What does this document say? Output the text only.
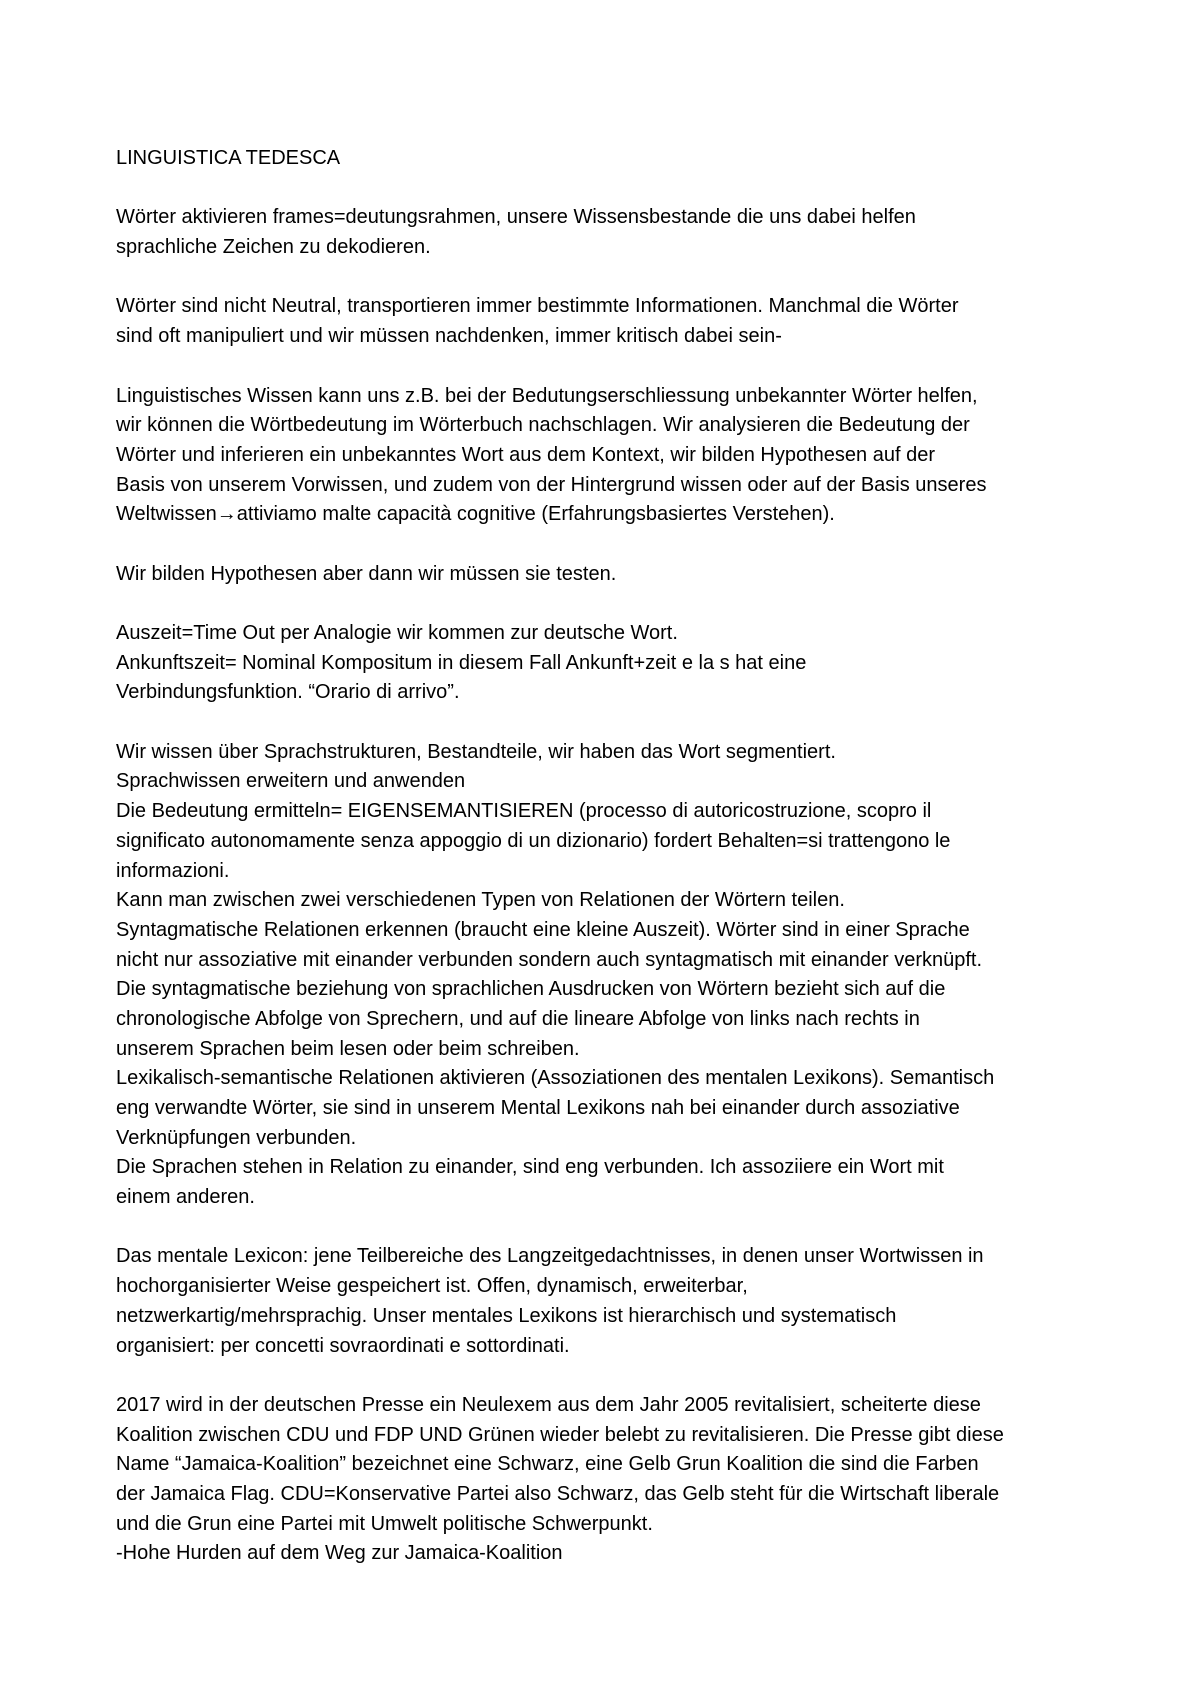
LINGUISTICA TEDESCA
Wörter aktivieren frames=deutungsrahmen, unsere Wissensbestande die uns dabei helfen
sprachliche Zeichen zu dekodieren.
Wörter sind nicht Neutral, transportieren immer bestimmte Informationen. Manchmal die Wörter
sind oft manipuliert und wir müssen nachdenken, immer kritisch dabei sein-
Linguistisches Wissen kann uns z.B. bei der Bedutungserschliessung unbekannter Wörter helfen,
wir können die Wörtbedeutung im Wörterbuch nachschlagen. Wir analysieren die Bedeutung der
Wörter und inferieren ein unbekanntes Wort aus dem Kontext, wir bilden Hypothesen auf der
Basis von unserem Vorwissen, und zudem von der Hintergrund wissen oder auf der Basis unseres
Weltwissen→attiviamo malte capacità cognitive (Erfahrungsbasiertes Verstehen).
Wir bilden Hypothesen aber dann wir müssen sie testen.
Auszeit=Time Out per Analogie wir kommen zur deutsche Wort.
Ankunftszeit= Nominal Kompositum in diesem Fall Ankunft+zeit e la s hat eine
Verbindungsfunktion. “Orario di arrivo”.
Wir wissen über Sprachstrukturen, Bestandteile, wir haben das Wort segmentiert.
Sprachwissen erweitern und anwenden
Die Bedeutung ermitteln= EIGENSEMANTISIEREN (processo di autoricostruzione, scopro il
significato autonomamente senza appoggio di un dizionario) fordert Behalten=si trattengono le
informazioni.
Kann man zwischen zwei verschiedenen Typen von Relationen der Wörtern teilen.
Syntagmatische Relationen erkennen (braucht eine kleine Auszeit). Wörter sind in einer Sprache
nicht nur assoziative mit einander verbunden sondern auch syntagmatisch mit einander verknüpft.
Die syntagmatische beziehung von sprachlichen Ausdrucken von Wörtern bezieht sich auf die
chronologische Abfolge von Sprechern, und auf die lineare Abfolge von links nach rechts in
unserem Sprachen beim lesen oder beim schreiben.
Lexikalisch-semantische Relationen aktivieren (Assoziationen des mentalen Lexikons). Semantisch
eng verwandte Wörter, sie sind in unserem Mental Lexikons nah bei einander durch assoziative
Verknüpfungen verbunden.
Die Sprachen stehen in Relation zu einander, sind eng verbunden. Ich assoziiere ein Wort mit
einem anderen.
Das mentale Lexicon: jene Teilbereiche des Langzeitgedachtnisses, in denen unser Wortwissen in
hochorganisierter Weise gespeichert ist. Offen, dynamisch, erweiterbar,
netzwerkartig/mehrsprachig. Unser mentales Lexikons ist hierarchisch und systematisch
organisiert: per concetti sovraordinati e sottordinati.
2017 wird in der deutschen Presse ein Neulexem aus dem Jahr 2005 revitalisiert, scheiterte diese
Koalition zwischen CDU und FDP UND Grünen wieder belebt zu revitalisieren. Die Presse gibt diese
Name “Jamaica-Koalition” bezeichnet eine Schwarz, eine Gelb Grun Koalition die sind die Farben
der Jamaica Flag. CDU=Konservative Partei also Schwarz, das Gelb steht für die Wirtschaft liberale
und die Grun eine Partei mit Umwelt politische Schwerpunkt.
-Hohe Hurden auf dem Weg zur Jamaica-Koalition
